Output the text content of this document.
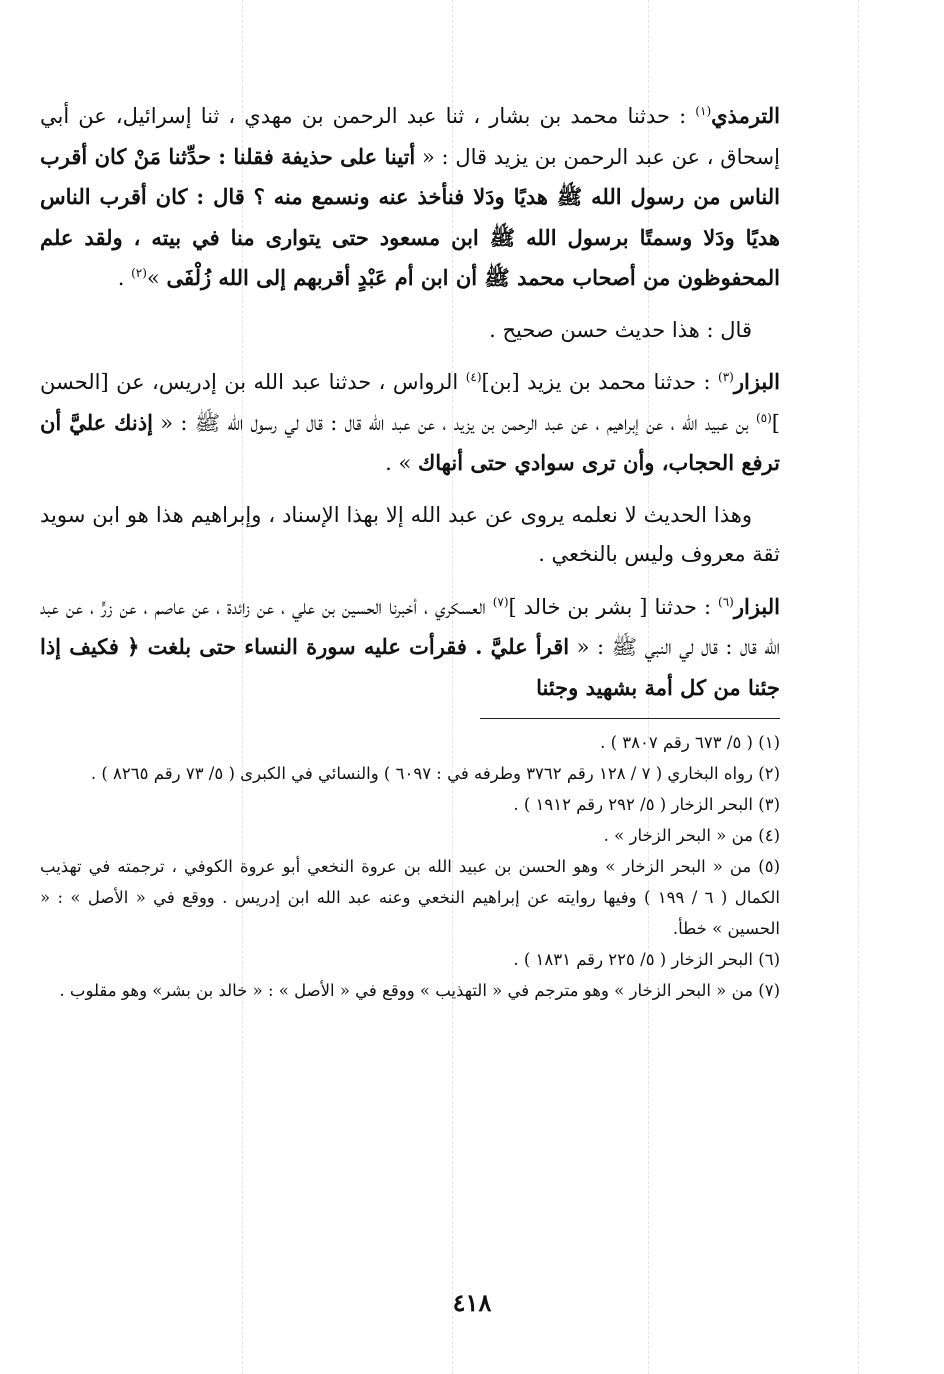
الترمذي$^{(١)}$ : حدثنا محمد بن بشار ، ثنا عبد الرحمن بن مهدي ، ثنا إسرائيل، عن أبي إسحاق ، عن عبد الرحمن بن يزيد قال : « أتينا على حذيفة فقلنا : حدِّثنا مَنْ كان أقرب الناس من رسول الله ﷺ هديًا ودَلا فنأخذ عنه ونسمع منه ؟ قال : كان أقرب الناس هديًا ودَلا وسمتًا برسول الله ﷺ ابن مسعود حتى يتوارى منا في بيته ، ولقد علم المحفوظون من أصحاب محمد ﷺ أن ابن أم عَبْدٍ أقربهم إلى الله زُلْفَى »$^{(٢)}$ .

قال : هذا حديث حسن صحيح .

البزار$^{(٣)}$ : حدثنا محمد بن يزيد [بن]$^{(٤)}$ الرواس ، حدثنا عبد الله بن إدريس، عن [الحسن ]$^{(٥)}$ بن عبيد الله ، عن إبراهيم ، عن عبد الرحمن بن يزيد ، عن عبد الله قال : قال لي رسول الله ﷺ : « إذنك عليَّ أن ترفع الحجاب، وأن ترى سوادي حتى أنهاك » .

وهذا الحديث لا نعلمه يروى عن عبد الله إلا بهذا الإسناد ، وإبراهيم هذا هو ابن سويد ثقة معروف وليس بالنخعي .

البزار$^{(٦)}$ : حدثنا [ بشر بن خالد ]$^{(٧)}$ العسكري ، أخبرنا الحسين بن علي ، عن زائدة ، عن عاصم ، عن زرٍّ ، عن عبد الله قال : قال لي النبي ﷺ : « اقرأ عليَّ . فقرأت عليه سورة النساء حتى بلغت ﴿ فكيف إذا جئنا من كل أمة بشهيد وجئنا

(١) ( ٥/ ٦٧٣ رقم ٣٨٠٧ ) .

(٢) رواه البخاري ( ٧ / ١٢٨ رقم ٣٧٦٢ وطرفه في : ٦٠٩٧ ) والنسائي في الكبرى ( ٥/ ٧٣ رقم ٨٢٦٥ ) .

(٣) البحر الزخار ( ٥/ ٢٩٢ رقم ١٩١٢ ) .

(٤) من « البحر الزخار » .

(٥) من « البحر الزخار » وهو الحسن بن عبيد الله بن عروة النخعي أبو عروة الكوفي ، ترجمته في تهذيب الكمال ( ٦ / ١٩٩ ) وفيها روايته عن إبراهيم النخعي وعنه عبد الله ابن إدريس . ووقع في « الأصل » : « الحسين » خطأ.

(٦) البحر الزخار ( ٥/ ٢٢٥ رقم ١٨٣١ ) .

(٧) من « البحر الزخار » وهو مترجم في « التهذيب » ووقع في « الأصل » : « خالد بن بشر» وهو مقلوب .

٤١٨
